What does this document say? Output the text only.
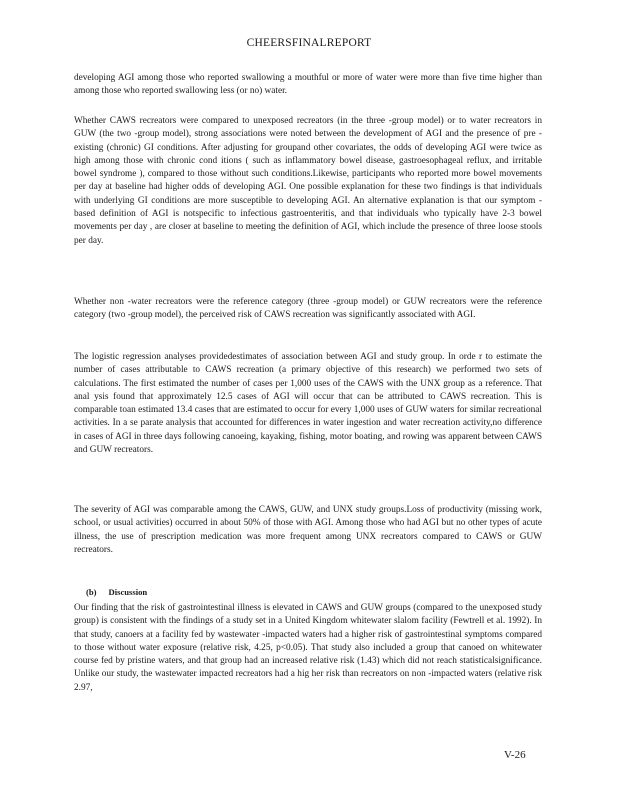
CHEERSFINALREPORT
developing AGI among those who reported swallowing a mouthful or more of water were more than five time higher than among those who reported swallowing less (or no) water.
Whether CAWS recreators were compared to unexposed recreators (in the three -group model) or to water recreators in GUW (the two -group model), strong associations were noted between the development of AGI and the presence of pre -existing (chronic) GI conditions. After adjusting for groupand other covariates, the odds of developing AGI were twice as high among those with chronic cond itions ( such as inflammatory bowel disease, gastroesophageal reflux, and irritable bowel syndrome ), compared to those without such conditions.Likewise, participants who reported more bowel movements per day at baseline had higher odds of developing AGI. One possible explanation for these two findings is that individuals with underlying GI conditions are more susceptible to developing AGI. An alternative explanation is that our symptom -based definition of AGI is notspecific to infectious gastroenteritis, and that individuals who typically have 2-3 bowel movements per day , are closer at baseline to meeting the definition of AGI, which include the presence of three loose stools per day.
Whether non -water recreators were the reference category (three -group model) or GUW recreators were the reference category (two -group model), the perceived risk of CAWS recreation was significantly associated with AGI.
The logistic regression analyses providedestimates of association between AGI and study group. In orde r to estimate the number of cases attributable to CAWS recreation (a primary objective of this research) we performed two sets of calculations. The first estimated the number of cases per 1,000 uses of the CAWS with the UNX group as a reference. That anal ysis found that approximately 12.5 cases of AGI will occur that can be attributed to CAWS recreation. This is comparable toan estimated 13.4 cases that are estimated to occur for every 1,000 uses of GUW waters for similar recreational activities. In a se parate analysis that accounted for differences in water ingestion and water recreation activity,no difference in cases of AGI in three days following canoeing, kayaking, fishing, motor boating, and rowing was apparent between CAWS and GUW recreators.
The severity of AGI was comparable among the CAWS, GUW, and UNX study groups.Loss of productivity (missing work, school, or usual activities) occurred in about 50% of those with AGI. Among those who had AGI but no other types of acute illness, the use of prescription medication was more frequent among UNX recreators compared to CAWS or GUW recreators.
(b) Discussion
Our finding that the risk of gastrointestinal illness is elevated in CAWS and GUW groups (compared to the unexposed study group) is consistent with the findings of a study set in a United Kingdom whitewater slalom facility (Fewtrell et al. 1992). In that study, canoers at a facility fed by wastewater -impacted waters had a higher risk of gastrointestinal symptoms compared to those without water exposure (relative risk, 4.25, p<0.05). That study also included a group that canoed on whitewater course fed by pristine waters, and that group had an increased relative risk (1.43) which did not reach statisticalsignificance. Unlike our study, the wastewater impacted recreators had a hig her risk than recreators on non -impacted waters (relative risk 2.97,
V-26
